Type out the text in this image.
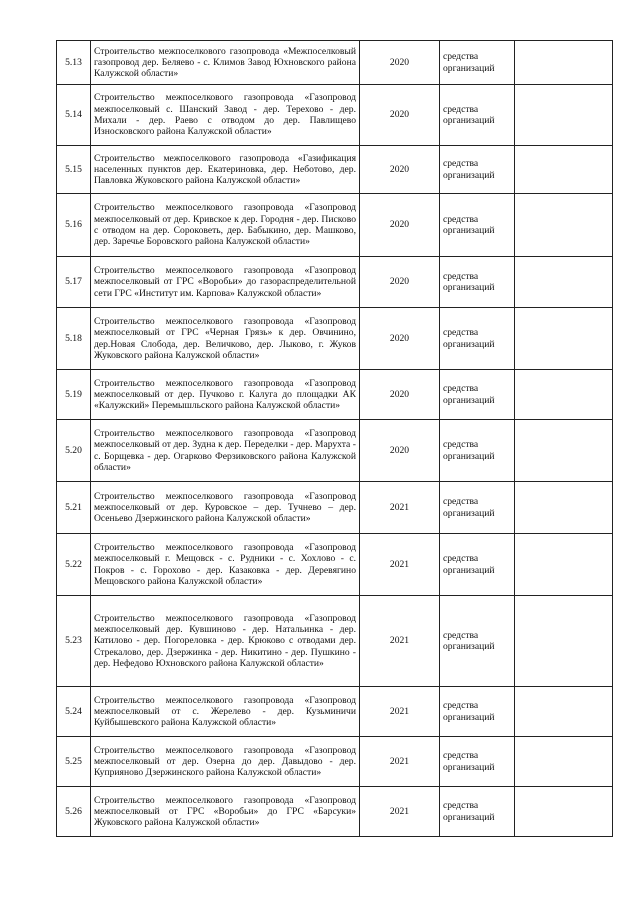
5.13	Строительство межпоселкового газопровода «Межпоселковый газопровод дер. Беляево - с. Климов Завод Юхновского района Калужской области»	2020	средства организаций	
5.14	Строительство межпоселкового газопровода «Газопровод межпоселковый с. Шанский Завод - дер. Терехово - дер. Михали - дер. Раево с отводом до дер. Павлищево Износковского района Калужской области»	2020	средства организаций	
5.15	Строительство межпоселкового газопровода «Газификация населенных пунктов дер. Екатериновка, дер. Неботово, дер. Павловка Жуковского района Калужской области»	2020	средства организаций	
5.16	Строительство межпоселкового газопровода «Газопровод межпоселковый от дер. Кривское к дер. Городня - дер. Писково с отводом на дер. Сороковеть, дер. Бабыкино, дер. Машково, дер. Заречье Боровского района Калужской области»	2020	средства организаций	
5.17	Строительство межпоселкового газопровода «Газопровод межпоселковый от ГРС «Воробьи» до газораспределительной сети ГРС «Институт им. Карпова» Калужской области»	2020	средства организаций	
5.18	Строительство межпоселкового газопровода «Газопровод межпоселковый от ГРС «Черная Грязь» к дер. Овчинино, дер.Новая Слобода, дер. Величково, дер. Лыково, г. Жуков Жуковского района Калужской области»	2020	средства организаций	
5.19	Строительство межпоселкового газопровода «Газопровод межпоселковый от дер. Пучково г. Калуга до площадки АК «Калужский» Перемышльского района Калужской области»	2020	средства организаций	
5.20	Строительство межпоселкового газопровода «Газопровод межпоселковый от дер. Зудна к дер. Переделки - дер. Марухта - с. Борщевка - дер. Огарково Ферзиковского района Калужской области»	2020	средства организаций	
5.21	Строительство межпоселкового газопровода «Газопровод межпоселковый от дер. Куровское – дер. Тучнево – дер. Осеньево Дзержинского района Калужской области»	2021	средства организаций	
5.22	Строительство межпоселкового газопровода «Газопровод межпоселковый г. Мещовск - с. Рудники - с. Хохлово - с. Покров - с. Горохово - дер. Казаковка - дер. Деревягино Мещовского района Калужской области»	2021	средства организаций	
5.23	Строительство межпоселкового газопровода «Газопровод межпоселковый дер. Кувшиново - дер. Натальинка - дер. Катилово - дер. Погореловка - дер. Крюково с отводами дер. Стрекалово, дер. Дзержинка - дер. Никитино - дер. Пушкино - дер. Нефедово Юхновского района Калужской области»	2021	средства организаций	
5.24	Строительство межпоселкового газопровода «Газопровод межпоселковый от с. Жерелево - дер. Кузьминичи Куйбышевского района Калужской области»	2021	средства организаций	
5.25	Строительство межпоселкового газопровода «Газопровод межпоселковый от дер. Озерна до дер. Давыдово - дер. Куприяново Дзержинского района Калужской области»	2021	средства организаций	
5.26	Строительство межпоселкового газопровода «Газопровод межпоселковый от ГРС «Воробьи» до ГРС «Барсуки» Жуковского района Калужской области»	2021	средства организаций	
